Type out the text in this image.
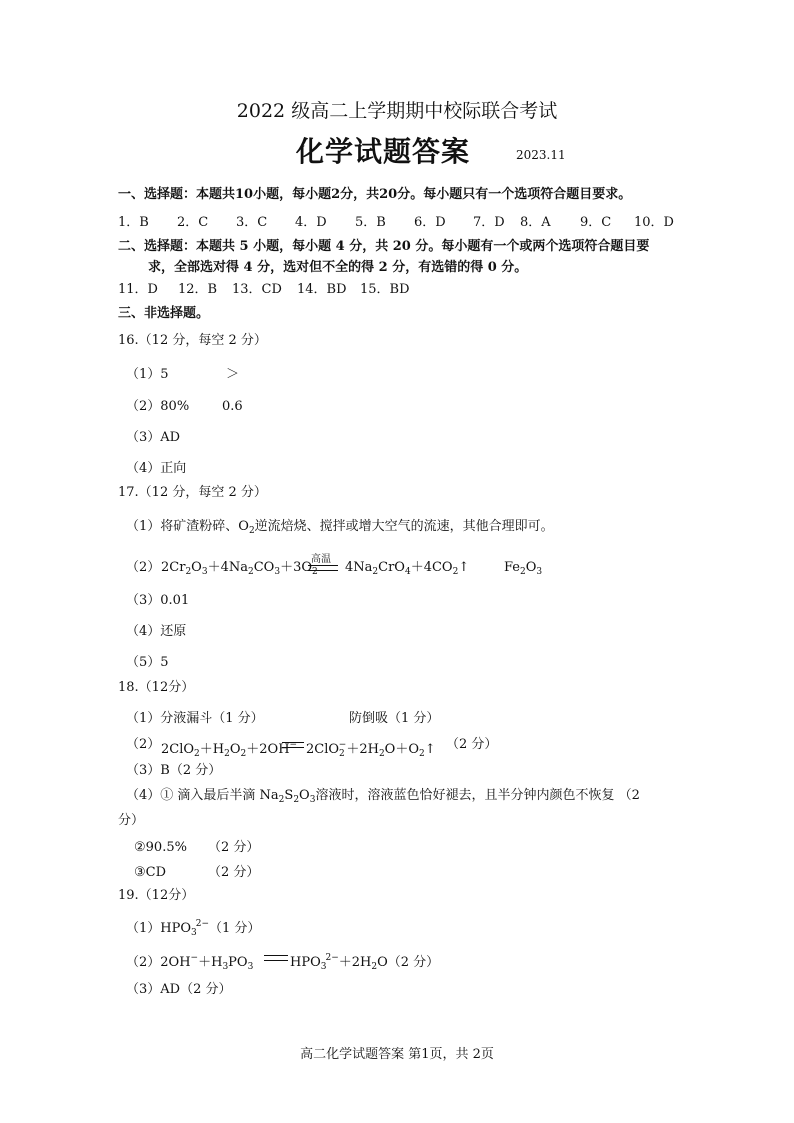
2022 级高二上学期期中校际联合考试
化学试题答案	2023.11
一、选择题：本题共10小题，每小题2分，共20分。每小题只有一个选项符合题目要求。
1．B 2．C 3．C 4．D 5．B 6．D 7．D 8．A 9．C 10．D
二、选择题：本题共 5 小题，每小题 4 分，共 20 分。每小题有一个或两个选项符合题目要
求，全部选对得 4 分，选对但不全的得 2 分，有选错的得 0 分。
11．D 12．B 13．CD 14．BD 15．BD
三、非选择题。
16.（12 分，每空 2 分）
（1）5	＞
（2）80%	0.6
（3）AD
（4）正向
17.（12 分，每空 2 分）
（1）将矿渣粉碎、$O_2$逆流焙烧、搅拌或增大空气的流速，其他合理即可。
（2） $2Cr_2O_3+4Na_2CO_3+3O_2$
高温
$4Na_2CrO_4+4CO_2↑$	$Fe_2O_3$
（3）0.01
（4）还原
（5）5
18.（12分）
（1）分液漏斗（1 分）	防倒吸（1 分）
（2） $2ClO_2+H_2O_2+2OH^-$ $2ClO_2^-+2H_2O+O_2↑$ （2 分）
（3）B（2 分）
（4）① 滴入最后半滴 $Na_2S_2O_3$溶液时，溶液蓝色恰好褪去，且半分钟内颜色不恢复 （2
分）
②90.5% （2 分）
③CD	（2 分）
19.（12分）
$(1)HPO_3^{2-}(1$ 分）
$(2)2OH^-+H_3PO_3$	$HPO_3^{2-}+2H_2O(2$ 分）
（3）AD（2 分）
高二化学试题答案 第1页，共 2页
